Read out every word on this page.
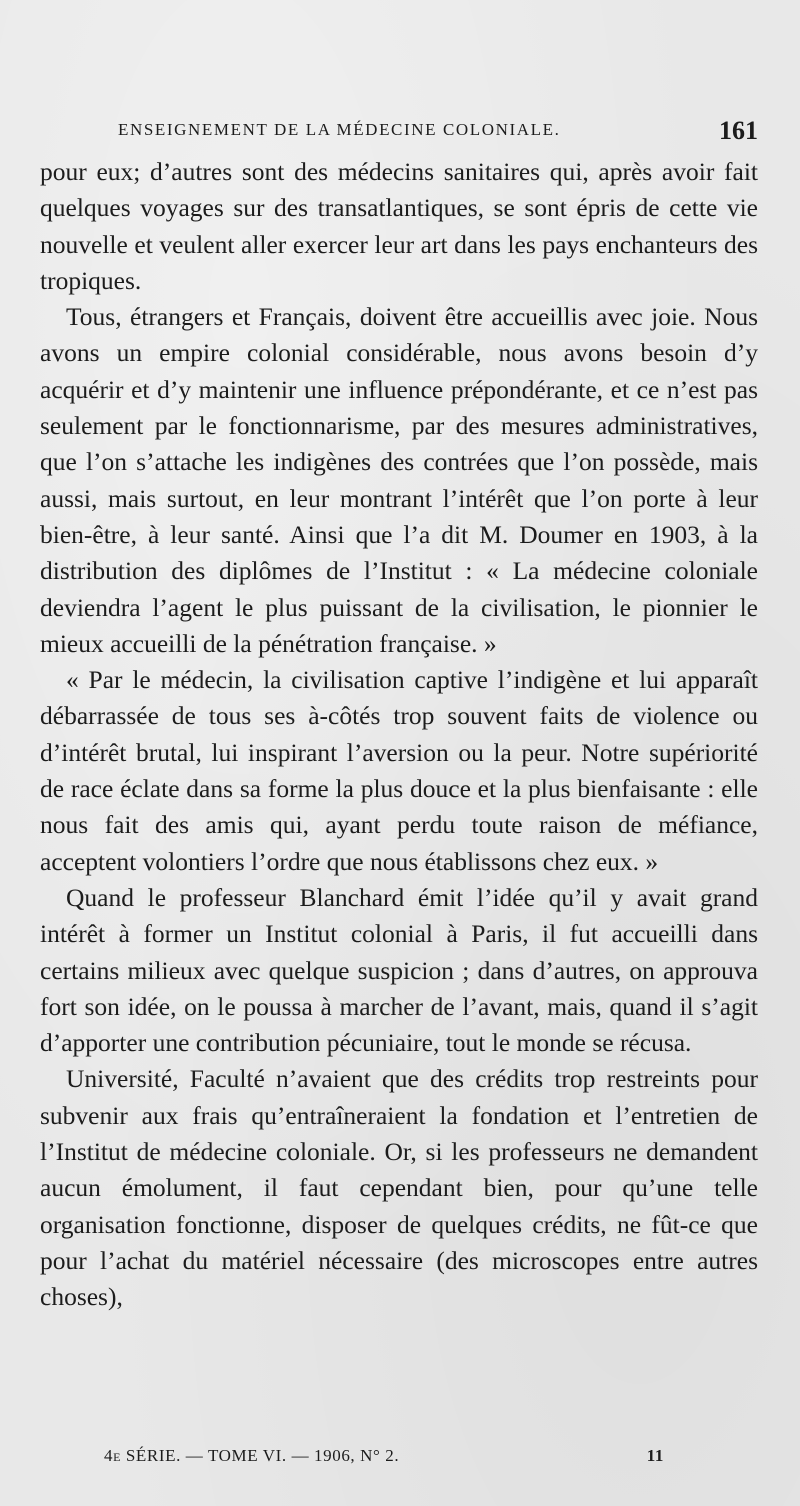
ENSEIGNEMENT DE LA MÉDECINE COLONIALE.	161

pour eux; d’autres sont des médecins sanitaires qui, après avoir fait quelques voyages sur des transatlantiques, se sont épris de cette vie nouvelle et veulent aller exercer leur art dans les pays enchanteurs des tropiques.

Tous, étrangers et Français, doivent être accueillis avec joie. Nous avons un empire colonial considérable, nous avons besoin d’y acquérir et d’y maintenir une influence prépondérante, et ce n’est pas seulement par le fonctionnarisme, par des mesures administratives, que l’on s’attache les indigènes des contrées que l’on possède, mais aussi, mais surtout, en leur montrant l’intérêt que l’on porte à leur bien-être, à leur santé. Ainsi que l’a dit M. Doumer en 1903, à la distribution des diplômes de l’Institut : « La médecine coloniale deviendra l’agent le plus puissant de la civilisation, le pionnier le mieux accueilli de la pénétration française. »

« Par le médecin, la civilisation captive l’indigène et lui apparaît débarrassée de tous ses à-côtés trop souvent faits de violence ou d’intérêt brutal, lui inspirant l’aversion ou la peur. Notre supériorité de race éclate dans sa forme la plus douce et la plus bienfaisante : elle nous fait des amis qui, ayant perdu toute raison de méfiance, acceptent volontiers l’ordre que nous établissons chez eux. »

Quand le professeur Blanchard émit l’idée qu’il y avait grand intérêt à former un Institut colonial à Paris, il fut accueilli dans certains milieux avec quelque suspicion ; dans d’autres, on approuva fort son idée, on le poussa à marcher de l’avant, mais, quand il s’agit d’apporter une contribution pécuniaire, tout le monde se récusa.

Université, Faculté n’avaient que des crédits trop restreints pour subvenir aux frais qu’entraîneraient la fondation et l’entretien de l’Institut de médecine coloniale. Or, si les professeurs ne demandent aucun émolument, il faut cependant bien, pour qu’une telle organisation fonctionne, disposer de quelques crédits, ne fût-ce que pour l’achat du matériel nécessaire (des microscopes entre autres choses),

4e SÉRIE. — TOME VI. — 1906, N° 2.	11
